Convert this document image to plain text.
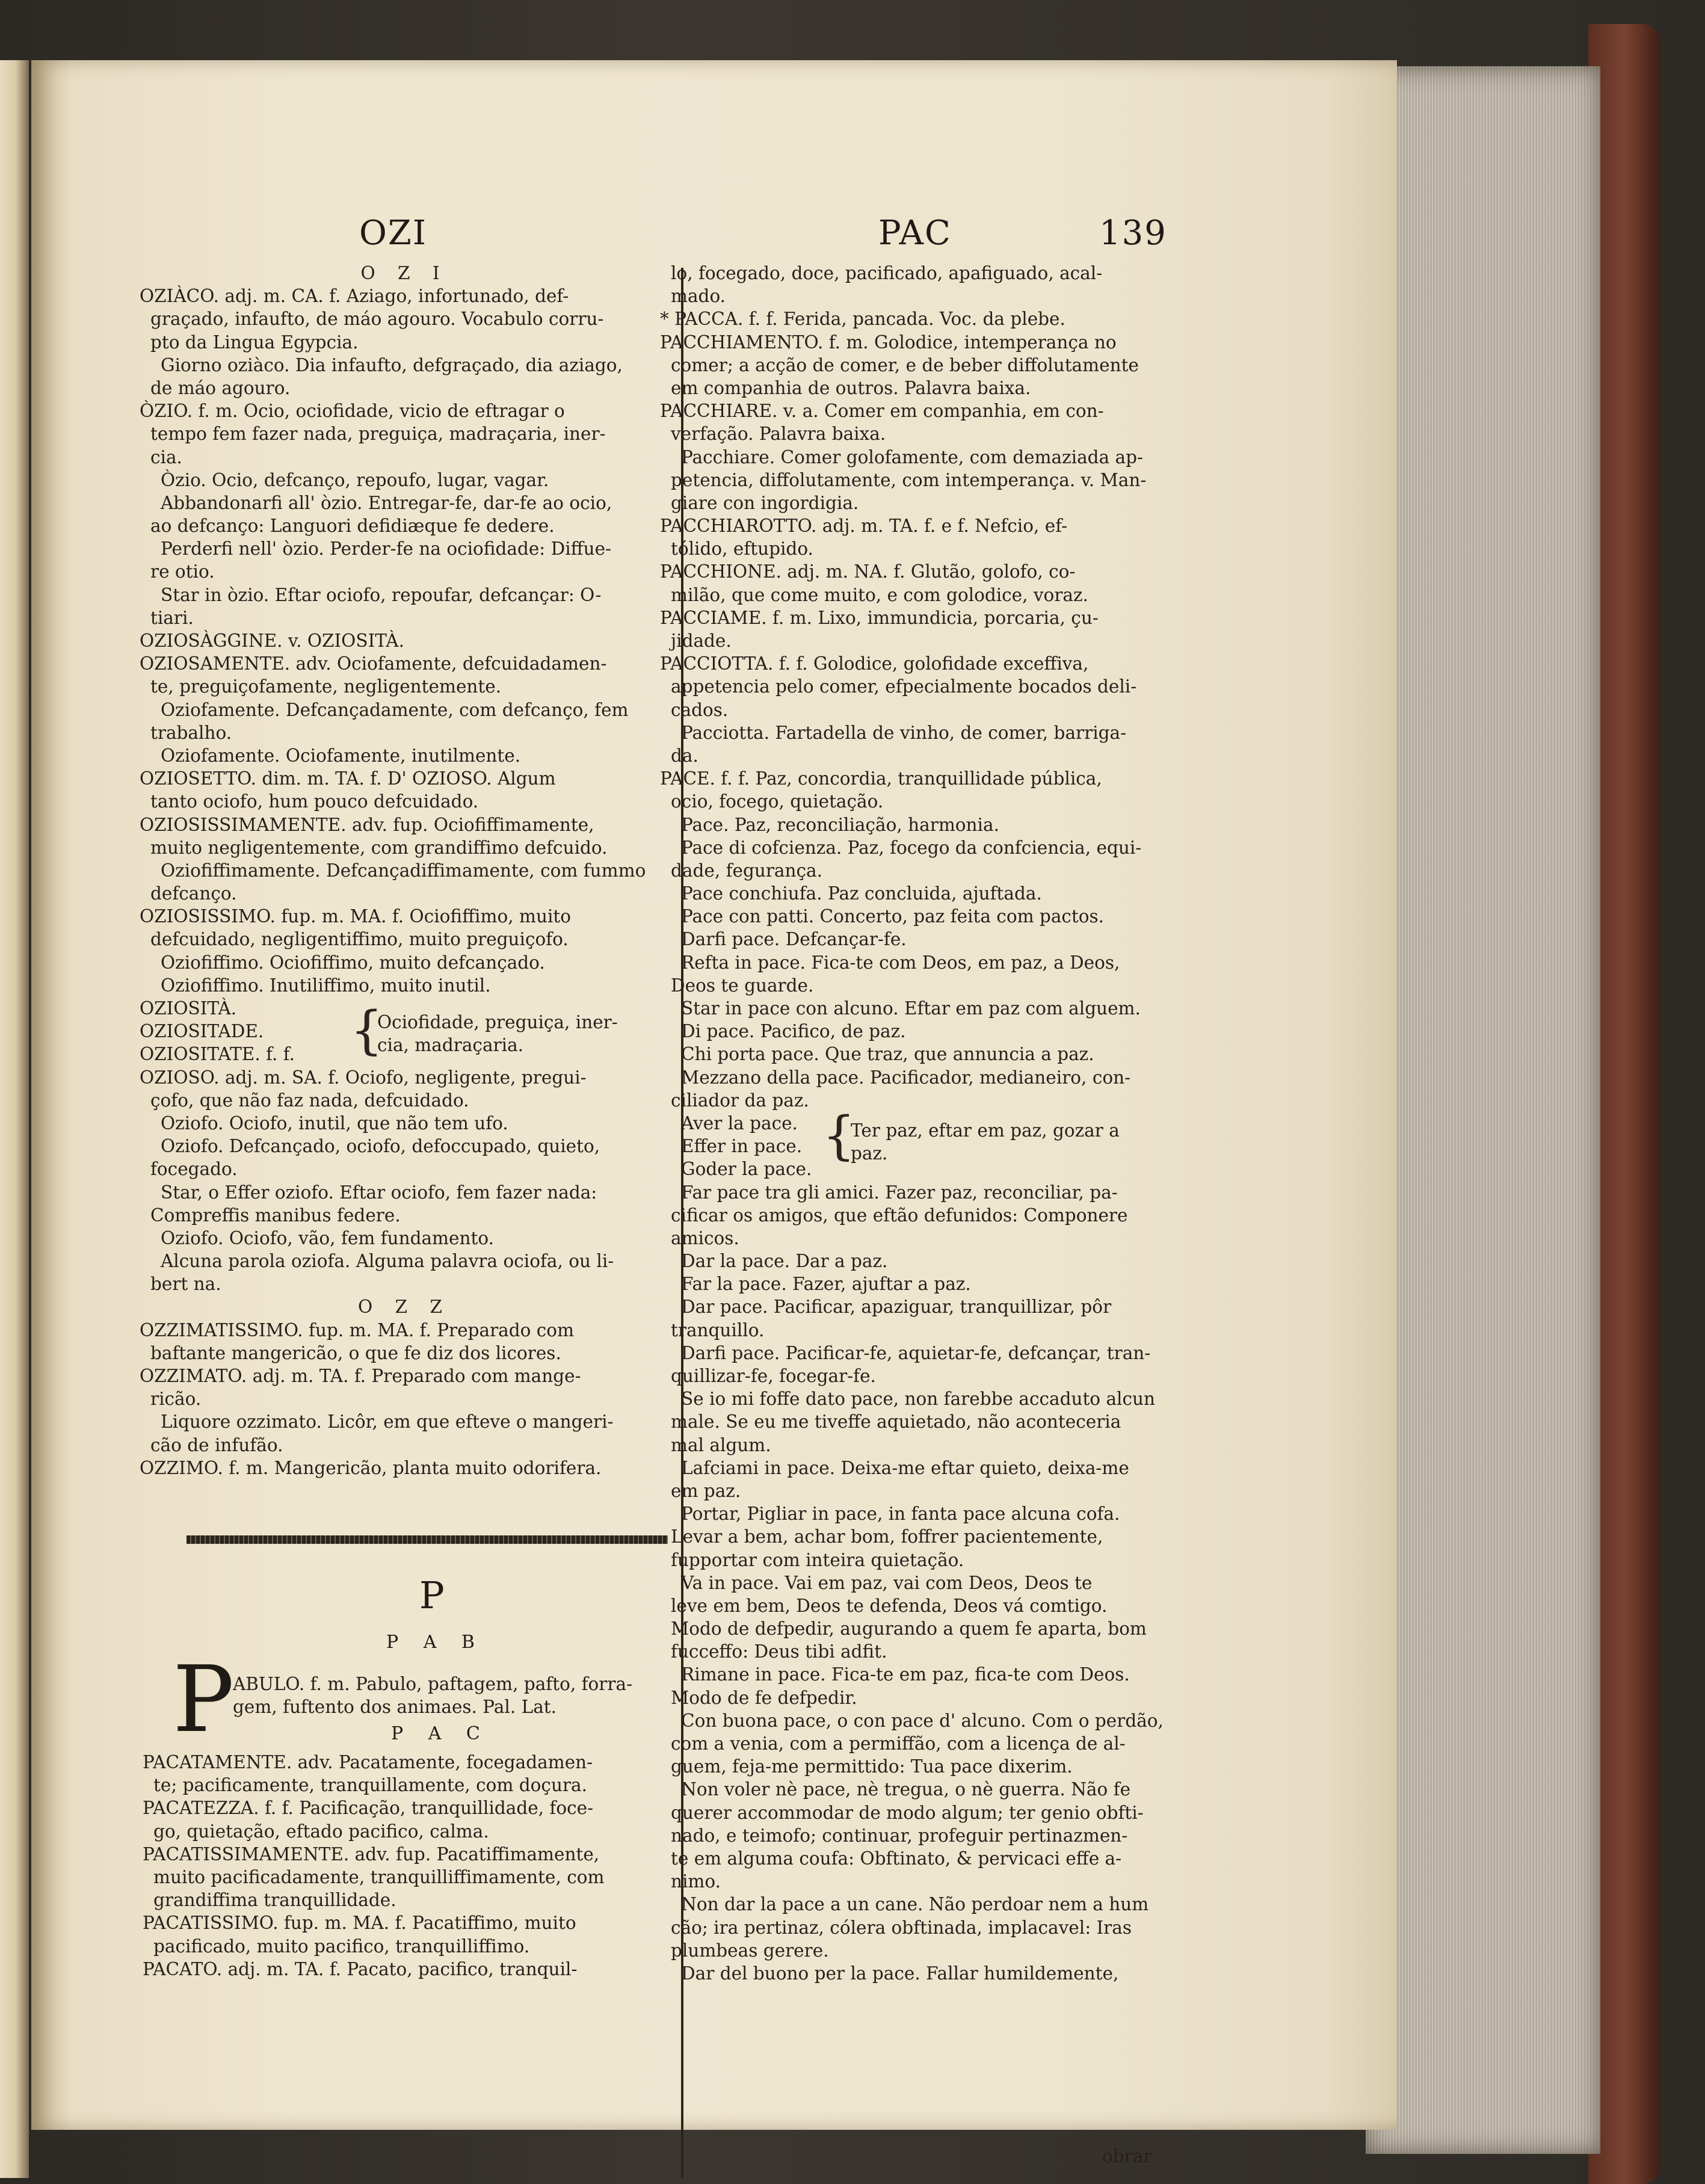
OZI	PAC	139
O Z I
OZIÀCO. adj. m. CA. f. Aziago, infortunado, def-
graçado, infaufto, de máo agouro. Vocabulo corru-
pto da Lingua Egypcia.
Giorno oziàco. Dia infaufto, defgraçado, dia aziago,
de máo agouro.
ÒZIO. f. m. Ocio, ociofidade, vicio de eftragar o
tempo fem fazer nada, preguiça, madraçaria, iner-
cia.
Òzio. Ocio, defcanço, repoufo, lugar, vagar.
Abbandonarfi all' òzio. Entregar-fe, dar-fe ao ocio,
ao defcanço: Languori defidiæque fe dedere.
Perderfi nell' òzio. Perder-fe na ociofidade: Diffue-
re otio.
Star in òzio. Eftar ociofo, repoufar, defcançar: O-
tiari.
OZIOSÀGGINE. v. OZIOSITÀ.
OZIOSAMENTE. adv. Ociofamente, defcuidadamen-
te, preguiçofamente, negligentemente.
Oziofamente. Defcançadamente, com defcanço, fem
trabalho.
Oziofamente. Ociofamente, inutilmente.
OZIOSETTO. dim. m. TA. f. D' OZIOSO. Algum
tanto ociofo, hum pouco defcuidado.
OZIOSISSIMAMENTE. adv. fup. Ociofiffimamente,
muito negligentemente, com grandiffimo defcuido.
Oziofiffimamente. Defcançadiffimamente, com fummo
defcanço.
OZIOSISSIMO. fup. m. MA. f. Ociofiffimo, muito
defcuidado, negligentiffimo, muito preguiçofo.
Oziofiffimo. Ociofiffimo, muito defcançado.
Oziofiffimo. Inutiliffimo, muito inutil.
OZIOSITÀ.
OZIOSITADE.
OZIOSITATE. f. f.
OZIOSO. adj. m. SA. f. Ociofo, negligente, pregui-
çofo, que não faz nada, defcuidado.
Oziofo. Ociofo, inutil, que não tem ufo.
Oziofo. Defcançado, ociofo, defoccupado, quieto,
focegado.
Star, o Effer oziofo. Eftar ociofo, fem fazer nada:
Compreffis manibus federe.
Oziofo. Ociofo, vão, fem fundamento.
Alcuna parola oziofa. Alguma palavra ociofa, ou li-
bert na.
O Z Z
OZZIMATISSIMO. fup. m. MA. f. Preparado com
baftante mangericão, o que fe diz dos licores.
OZZIMATO. adj. m. TA. f. Preparado com mange-
ricão.
Liquore ozzimato. Licôr, em que efteve o mangeri-
cão de infufão.
OZZIMO. f. m. Mangericão, planta muito odorifera.
{
Ociofidade, preguiça, iner-
cia, madraçaria.
P
P A B
P
ABULO. f. m. Pabulo, paftagem, pafto, forra-
gem, fuftento dos animaes. Pal. Lat.
P A C
PACATAMENTE. adv. Pacatamente, focegadamen-
te; pacificamente, tranquillamente, com doçura.
PACATEZZA. f. f. Pacificação, tranquillidade, foce-
go, quietação, eftado pacifico, calma.
PACATISSIMAMENTE. adv. fup. Pacatiffimamente,
muito pacificadamente, tranquilliffimamente, com
grandiffima tranquillidade.
PACATISSIMO. fup. m. MA. f. Pacatiffimo, muito
pacificado, muito pacifico, tranquilliffimo.
PACATO. adj. m. TA. f. Pacato, pacifico, tranquil-
lo, focegado, doce, pacificado, apafiguado, acal-
mado.
* PACCA. f. f. Ferida, pancada. Voc. da plebe.
PACCHIAMENTO. f. m. Golodice, intemperança no
comer; a acção de comer, e de beber diffolutamente
em companhia de outros. Palavra baixa.
PACCHIARE. v. a. Comer em companhia, em con-
verfação. Palavra baixa.
Pacchiare. Comer golofamente, com demaziada ap-
petencia, diffolutamente, com intemperança. v. Man-
giare con ingordigia.
PACCHIAROTTO. adj. m. TA. f. e f. Nefcio, ef-
tólido, eftupido.
PACCHIONE. adj. m. NA. f. Glutão, golofo, co-
milão, que come muito, e com golodice, voraz.
PACCIAME. f. m. Lixo, immundicia, porcaria, çu-
jidade.
PACCIOTTA. f. f. Golodice, golofidade exceffiva,
appetencia pelo comer, efpecialmente bocados deli-
cados.
Pacciotta. Fartadella de vinho, de comer, barriga-
da.
PACE. f. f. Paz, concordia, tranquillidade pública,
ocio, focego, quietação.
Pace. Paz, reconciliação, harmonia.
Pace di cofcienza. Paz, focego da confciencia, equi-
dade, fegurança.
Pace conchiufa. Paz concluida, ajuftada.
Pace con patti. Concerto, paz feita com pactos.
Darfi pace. Defcançar-fe.
Refta in pace. Fica-te com Deos, em paz, a Deos,
Deos te guarde.
Star in pace con alcuno. Eftar em paz com alguem.
Di pace. Pacifico, de paz.
Chi porta pace. Que traz, que annuncia a paz.
Mezzano della pace. Pacificador, medianeiro, con-
ciliador da paz.
Aver la pace.
Effer in pace.
Goder la pace.
Far pace tra gli amici. Fazer paz, reconciliar, pa-
cificar os amigos, que eftão defunidos: Componere
amicos.
Dar la pace. Dar a paz.
Far la pace. Fazer, ajuftar a paz.
Dar pace. Pacificar, apaziguar, tranquillizar, pôr
tranquillo.
Darfi pace. Pacificar-fe, aquietar-fe, defcançar, tran-
quillizar-fe, focegar-fe.
Se io mi foffe dato pace, non farebbe accaduto alcun
male. Se eu me tiveffe aquietado, não aconteceria
mal algum.
Lafciami in pace. Deixa-me eftar quieto, deixa-me
em paz.
Portar, Pigliar in pace, in fanta pace alcuna cofa.
Levar a bem, achar bom, foffrer pacientemente,
fupportar com inteira quietação.
Va in pace. Vai em paz, vai com Deos, Deos te
leve em bem, Deos te defenda, Deos vá comtigo.
Modo de defpedir, augurando a quem fe aparta, bom
fucceffo: Deus tibi adfit.
Rimane in pace. Fica-te em paz, fica-te com Deos.
Modo de fe defpedir.
Con buona pace, o con pace d' alcuno. Com o perdão,
com a venia, com a permiffão, com a licença de al-
guem, feja-me permittido: Tua pace dixerim.
Non voler nè pace, nè tregua, o nè guerra. Não fe
querer accommodar de modo algum; ter genio obfti-
nado, e teimofo; continuar, profeguir pertinazmen-
te em alguma coufa: Obftinato, & pervicaci effe a-
nimo.
Non dar la pace a un cane. Não perdoar nem a hum
cão; ira pertinaz, cólera obftinada, implacavel: Iras
plumbeas gerere.
Dar del buono per la pace. Fallar humildemente,
{
Ter paz, eftar em paz, gozar a
paz.
obrar
